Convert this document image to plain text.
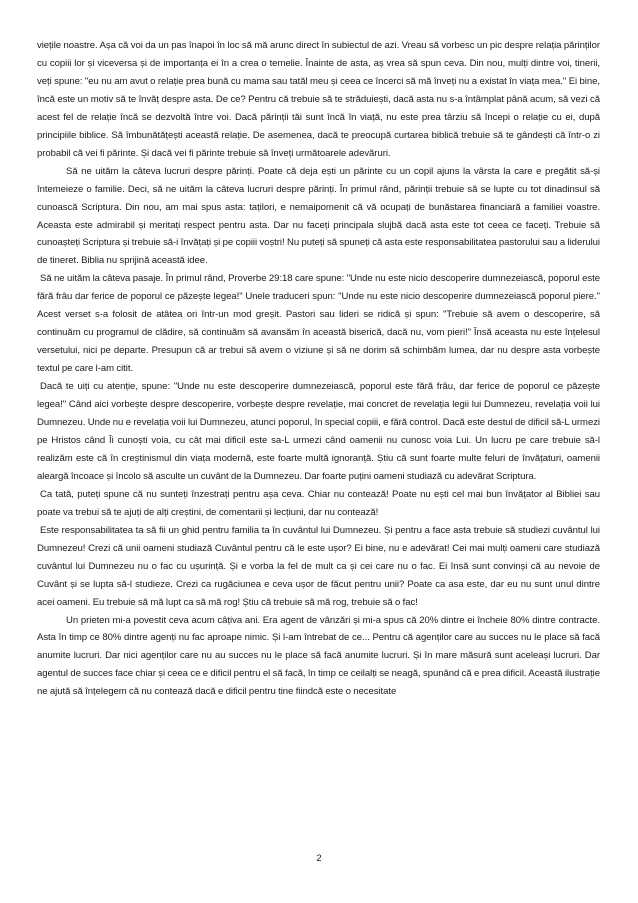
viețile noastre. Așa că voi da un pas înapoi în loc să mă arunc direct în subiectul de azi. Vreau să vorbesc un pic despre relația părinților cu copiii lor și viceversa și de importanța ei în a crea o temelie. Înainte de asta, aș vrea să spun ceva. Din nou, mulți dintre voi, tinerii, veți spune: "eu nu am avut o relație prea bună cu mama sau tatăl meu și ceea ce încerci să mă înveți nu a existat în viața mea." Ei bine, încă este un motiv să te învăț despre asta. De ce? Pentru că trebuie să te străduiești, dacă asta nu s-a întâmplat până acum, să vezi că acest fel de relație încă se dezvoltă între voi. Dacă părinții tăi sunt încă în viață, nu este prea târziu să începi o relație cu ei, după principiile biblice. Să îmbunătățești această relație. De asemenea, dacă te preocupă curtarea biblică trebuie să te gândești că într-o zi probabil că vei fi părinte. Și dacă vei fi părinte trebuie să înveți următoarele adevăruri.

Să ne uităm la câteva lucruri despre părinți. Poate că deja ești un părinte cu un copil ajuns la vârsta la care e pregătit să-și întemeieze o familie. Deci, să ne uităm la câteva lucruri despre părinți. În primul rând, părinții trebuie să se lupte cu tot dinadinsul să cunoască Scriptura. Din nou, am mai spus asta: tațilori, e nemaipomenit că vă ocupați de bunăstarea financiară a familiei voastre. Aceasta este admirabil și meritați respect pentru asta. Dar nu faceți principala slujbă dacă asta este tot ceea ce faceți. Trebuie să cunoașteți Scriptura și trebuie să-i învățați și pe copiii voștri! Nu puteți să spuneți că asta este responsabilitatea pastorului sau a liderului de tineret. Biblia nu sprijină această idee.

Să ne uităm la câteva pasaje. În primul rând, Proverbe 29:18 care spune: "Unde nu este nicio descoperire dumnezeiască, poporul este fără frâu dar ferice de poporul ce păzește legea!" Unele traduceri spun: "Unde nu este nicio descoperire dumnezeiască poporul piere." Acest verset s-a folosit de atâtea ori într-un mod greșit. Pastori sau lideri se ridică și spun: "Trebuie să avem o descoperire, să continuăm cu programul de clădire, să continuăm să avansăm în această biserică, dacă nu, vom pieri!" Însă aceasta nu este înțelesul versetului, nici pe departe. Presupun că ar trebui să avem o viziune și să ne dorim să schimbăm lumea, dar nu despre asta vorbește textul pe care l-am citit.

Dacă te uiți cu atenție, spune: "Unde nu este descoperire dumnezeiască, poporul este fără frâu, dar ferice de poporul ce păzește legea!" Când aici vorbește despre descoperire, vorbește despre revelație, mai concret de revelația legii lui Dumnezeu, revelația voii lui Dumnezeu. Unde nu e revelația voii lui Dumnezeu, atunci poporul, în special copiii, e fără control. Dacă este destul de dificil să-L urmezi pe Hristos când Îi cunoști voia, cu cât mai dificil este sa-L urmezi când oamenii nu cunosc voia Lui. Un lucru pe care trebuie să-l realizăm este că în creștinismul din viața modernă, este foarte multă ignoranță. Știu că sunt foarte multe feluri de învățaturi, oamenii aleargă încoace și încolo să asculte un cuvânt de la Dumnezeu. Dar foarte puțini oameni studiază cu adevărat Scriptura.

Ca tată, puteți spune că nu sunteți înzestrați pentru așa ceva. Chiar nu contează! Poate nu ești cel mai bun învățator al Bibliei sau poate va trebui să te ajuți de alți creștini, de comentarii și lecțiuni, dar nu contează!

Este responsabilitatea ta să fii un ghid pentru familia ta în cuvântul lui Dumnezeu. Și pentru a face asta trebuie să studiezi cuvântul lui Dumnezeu! Crezi că unii oameni studiază Cuvântul pentru că le este ușor? Ei bine, nu e adevărat! Cei mai mulți oameni care studiază cuvântul lui Dumnezeu nu o fac cu ușurință. Și e vorba la fel de mult ca și cei care nu o fac. Ei însă sunt convinși că au nevoie de Cuvânt și se lupta să-l studieze. Crezi ca rugăciunea e ceva ușor de făcut pentru unii? Poate ca asa este, dar eu nu sunt unul dintre acei oameni. Eu trebuie să mă lupt ca să mă rog! Știu că trebuie să mă rog, trebuie să o fac!

Un prieten mi-a povestit ceva acum câțiva ani. Era agent de vânzări și mi-a spus că 20% dintre ei încheie 80% dintre contracte. Asta în timp ce 80% dintre agenți nu fac aproape nimic. Și l-am întrebat de ce... Pentru că agenților care au succes nu le place să facă anumite lucruri. Dar nici agenților care nu au succes nu le place să facă anumite lucruri. Și în mare măsură sunt aceleași lucruri. Dar agentul de succes face chiar și ceea ce e dificil pentru el să facă, în timp ce ceilalți se neagă, spunând că e prea dificil. Această ilustrație ne ajută să înțelegem că nu contează dacă e dificil pentru tine fiindcă este o necesitate

2
